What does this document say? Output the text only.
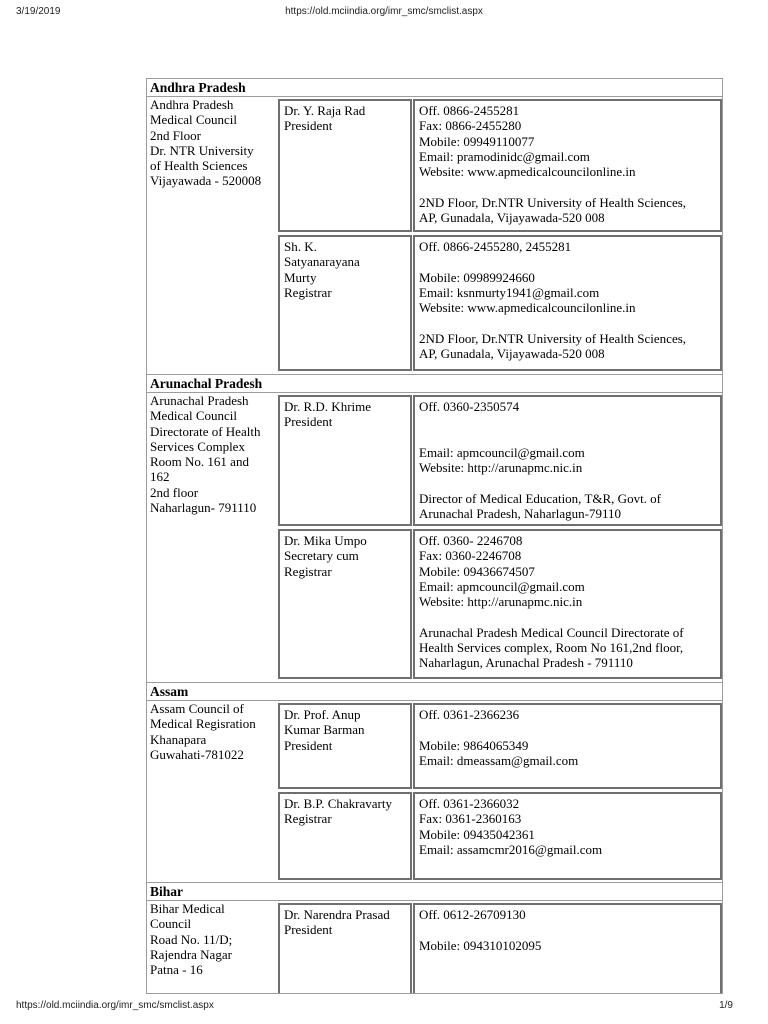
3/19/2019	https://old.mciindia.org/imr_smc/smclist.aspx
Andhra Pradesh
Andhra Pradesh
Medical Council
2nd Floor
Dr. NTR University
of Health Sciences
Vijayawada - 520008
Dr. Y. Raja Rad
President
Off. 0866-2455281
Fax: 0866-2455280
Mobile: 09949110077
Email: pramodinidc@gmail.com
Website: www.apmedicalcouncilonline.in
2ND Floor, Dr.NTR University of Health Sciences,
AP, Gunadala, Vijayawada-520 008
Sh. K.
Satyanarayana
Murty
Registrar
Off. 0866-2455280, 2455281
Mobile: 09989924660
Email: ksnmurty1941@gmail.com
Website: www.apmedicalcouncilonline.in
2ND Floor, Dr.NTR University of Health Sciences,
AP, Gunadala, Vijayawada-520 008
Arunachal Pradesh
Arunachal Pradesh
Medical Council
Directorate of Health
Services Complex
Room No. 161 and
162
2nd floor
Naharlagun- 791110
Dr. R.D. Khrime
President
Off. 0360-2350574
Email: apmcouncil@gmail.com
Website: http://arunapmc.nic.in
Director of Medical Education, T&R, Govt. of
Arunachal Pradesh, Naharlagun-79110
Dr. Mika Umpo
Secretary cum
Registrar
Off. 0360- 2246708
Fax: 0360-2246708
Mobile: 09436674507
Email: apmcouncil@gmail.com
Website: http://arunapmc.nic.in
Arunachal Pradesh Medical Council Directorate of
Health Services complex, Room No 161,2nd floor,
Naharlagun, Arunachal Pradesh - 791110
Assam
Assam Council of
Medical Regisration
Khanapara
Guwahati-781022
Dr. Prof. Anup
Kumar Barman
President
Off. 0361-2366236
Mobile: 9864065349
Email: dmeassam@gmail.com
Dr. B.P. Chakravarty
Registrar
Off. 0361-2366032
Fax: 0361-2360163
Mobile: 09435042361
Email: assamcmr2016@gmail.com
Bihar
Bihar Medical
Council
Road No. 11/D;
Rajendra Nagar
Patna - 16
Dr. Narendra Prasad
President
Off. 0612-26709130
Mobile: 094310102095
https://old.mciindia.org/imr_smc/smclist.aspx	1/9
